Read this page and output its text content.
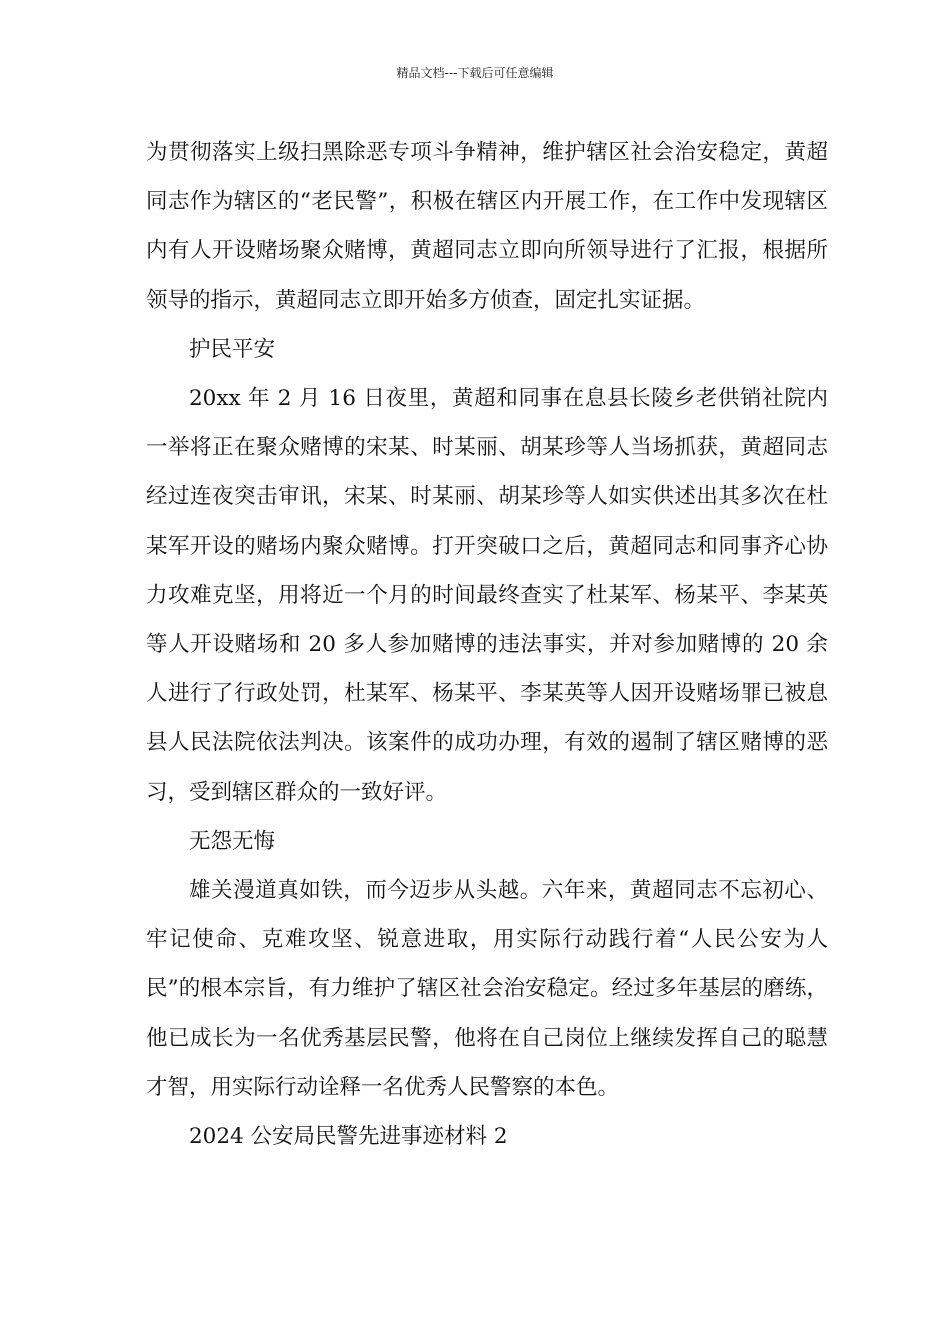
精品文档---下载后可任意编辑

为贯彻落实上级扫黑除恶专项斗争精神，维护辖区社会治安稳定，黄超同志作为辖区的“老民警”，积极在辖区内开展工作，在工作中发现辖区内有人开设赌场聚众赌博，黄超同志立即向所领导进行了汇报，根据所领导的指示，黄超同志立即开始多方侦查，固定扎实证据。

护民平安

20xx 年 2 月 16 日夜里，黄超和同事在息县长陵乡老供销社院内一举将正在聚众赌博的宋某、时某丽、胡某珍等人当场抓获，黄超同志经过连夜突击审讯，宋某、时某丽、胡某珍等人如实供述出其多次在杜某军开设的赌场内聚众赌博。打开突破口之后，黄超同志和同事齐心协力攻难克坚，用将近一个月的时间最终查实了杜某军、杨某平、李某英等人开设赌场和 20 多人参加赌博的违法事实，并对参加赌博的 20 余人进行了行政处罚，杜某军、杨某平、李某英等人因开设赌场罪已被息县人民法院依法判决。该案件的成功办理，有效的遏制了辖区赌博的恶习，受到辖区群众的一致好评。

无怨无悔

雄关漫道真如铁，而今迈步从头越。六年来，黄超同志不忘初心、牢记使命、克难攻坚、锐意进取，用实际行动践行着“人民公安为人民”的根本宗旨，有力维护了辖区社会治安稳定。经过多年基层的磨练，他已成长为一名优秀基层民警，他将在自己岗位上继续发挥自己的聪慧才智，用实际行动诠释一名优秀人民警察的本色。

2024 公安局民警先进事迹材料 2
